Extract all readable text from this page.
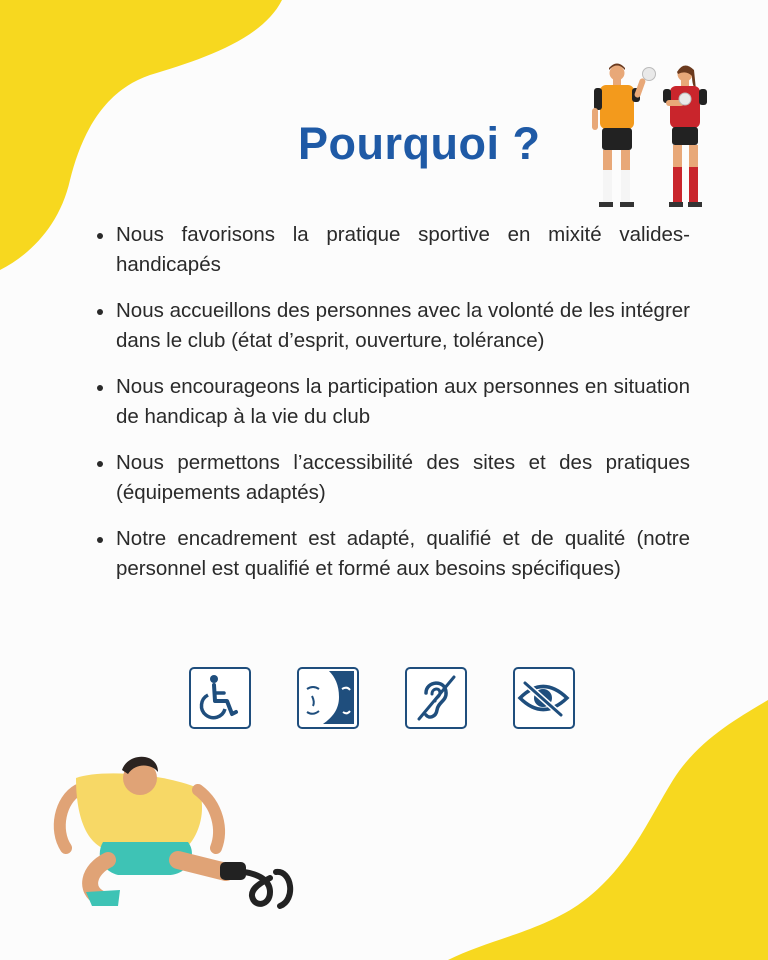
Pourquoi ?
Nous favorisons la pratique sportive en mixité valides-handicapés
Nous accueillons des personnes avec la volonté de les intégrer dans le club (état d’esprit, ouverture, tolérance)
Nous encourageons la participation aux personnes en situation de handicap à la vie du club
Nous permettons l’accessibilité des sites et des pratiques (équipements adaptés)
Notre encadrement est adapté, qualifié et de qualité (notre personnel est qualifié et formé aux besoins spécifiques)
